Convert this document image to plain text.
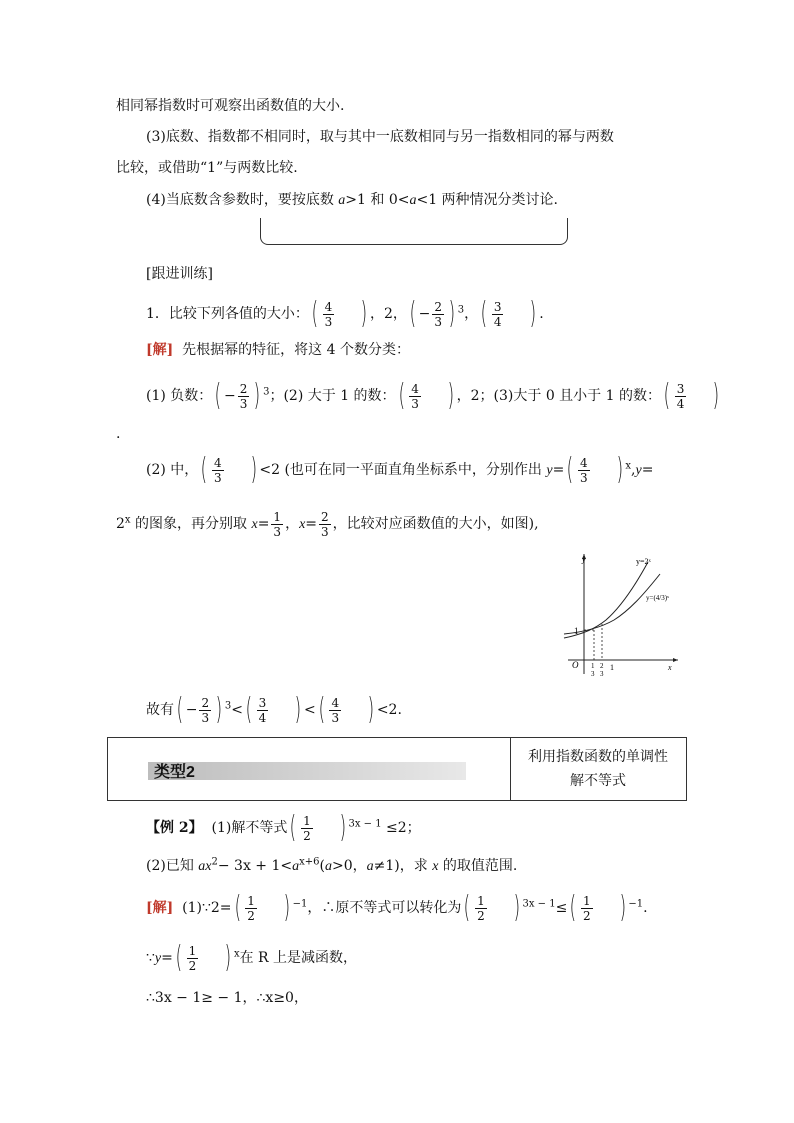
相同幂指数时可观察出函数值的大小.
(3)底数、指数都不相同时，取与其中一底数相同与另一指数相同的幂与两数
比较，或借助“1”与两数比较.
(4)当底数含参数时，要按底数 a>1 和 0<a<1 两种情况分类讨论.
[跟进训练]
1．比较下列各值的大小：( $\frac{4}{3}$ ) ，2，( − $\frac{2}{3}$ ) $^3$，( $\frac{3}{4}$ ) .
[解] 先根据幂的特征，将这 4 个数分类：
(1) 负数：( − $\frac{2}{3}$ ) $^3$；(2) 大于 1 的数：( $\frac{4}{3}$ ) ，2；(3)大于 0 且小于 1 的数：( $\frac{3}{4}$ )
.
(2) 中，( $\frac{4}{3}$ ) <2 (也可在同一平面直角坐标系中，分别作出 $y=( \frac{4}{3}$ ) $^x$,y=
$2^x$ 的图象，再分别取 $x= \frac{1}{3}$ ，$x= \frac{2}{3}$ ，比较对应函数值的大小，如图),
y
x
O
1
y=2ˣ
y=(4/3)ˣ
1
3
2
3
1
故有( − $\frac{2}{3}$ ) $^3<( \frac{3}{4}$ ) <( $\frac{4}{3}$ ) <2.
类型2
利用指数函数的单调性
解不等式
【例 2】 (1)解不等式( $\frac{1}{2}$ ) $^{3x - 1}$ ≤2；
(2)已知 $ax^2- 3x + 1<a^{x+6}(a>0$，a≠1)，求 x 的取值范围.
[解] (1)∵2=( $\frac{1}{2}$ ) $^{-1}$，∴原不等式可以转化为( $\frac{1}{2}$ ) $^{3x - 1}\le( \frac{1}{2}$ ) $^{-1}$.
∵y=( $\frac{1}{2}$ ) $^x$在 R 上是减函数，
∴3x − 1≥ − 1，∴x≥0，
